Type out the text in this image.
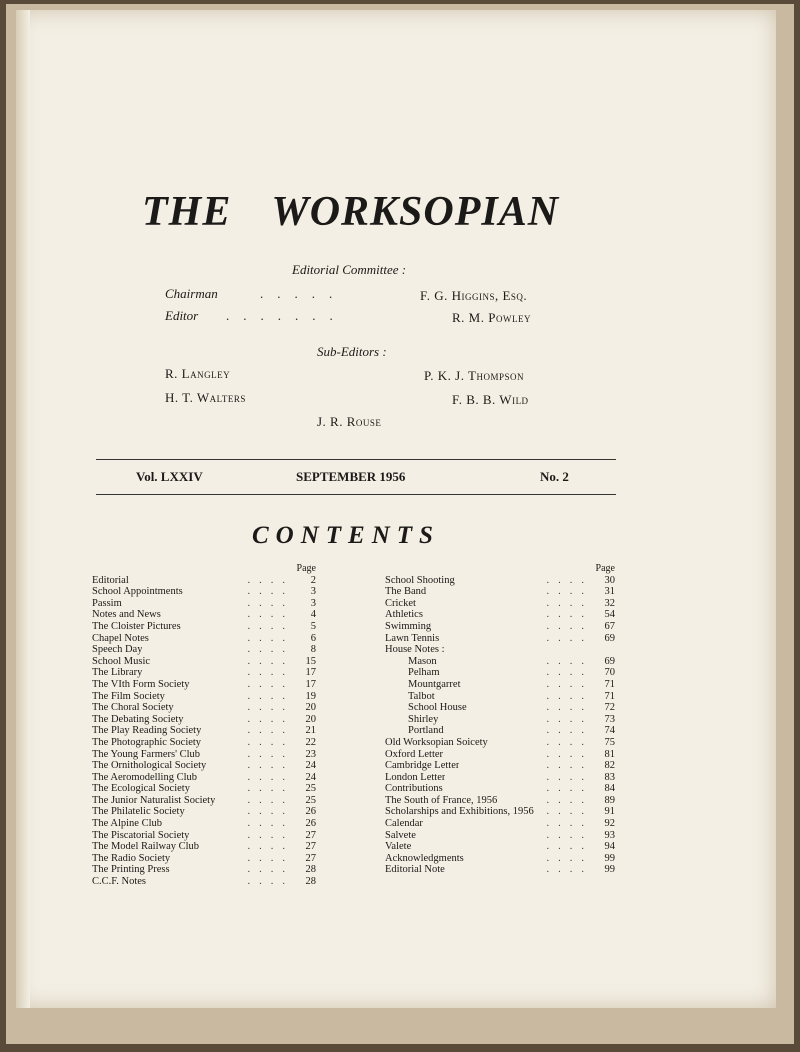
THE WORKSOPIAN
Editorial Committee :
Chairman	.....	F. G. Higgins, Esq.
Editor .......	R. M. Powley
Sub-Editors :
R. Langley	P. K. J. Thompson
H. T. Walters	F. B. B. Wild
J. R. Rouse
Vol. LXXIV	SEPTEMBER 1956	No. 2
CONTENTS
Page
Editorial	....	2
School Appointments	....	3
Passim	....	3
Notes and News	....	4
The Cloister Pictures	....	5
Chapel Notes	....	6
Speech Day	....	8
School Music	....	15
The Library	....	17
The VIth Form Society	....	17
The Film Society	....	19
The Choral Society	....	20
The Debating Society	....	20
The Play Reading Society	....	21
The Photographic Society	....	22
The Young Farmers' Club	....	23
The Ornithological Society	....	24
The Aeromodelling Club	....	24
The Ecological Society	....	25
The Junior Naturalist Society	....	25
The Philatelic Society	....	26
The Alpine Club	....	26
The Piscatorial Society	....	27
The Model Railway Club	....	27
The Radio Society	....	27
The Printing Press	....	28
C.C.F. Notes	....	28
Page
School Shooting	....	30
The Band	....	31
Cricket	....	32
Athletics	....	54
Swimming	....	67
Lawn Tennis	....	69
House Notes :
Mason	....	69
Pelham	....	70
Mountgarret	....	71
Talbot	....	71
School House	....	72
Shirley	....	73
Portland	....	74
Old Worksopian Soicety	....	75
Oxford Letter	....	81
Cambridge Letter	....	82
London Letter	....	83
Contributions	....	84
The South of France, 1956	....	89
Scholarships and Exhibitions, 1956 ....	91
Calendar	....	92
Salvete	....	93
Valete	....	94
Acknowledgments	....	99
Editorial Note	....	99
